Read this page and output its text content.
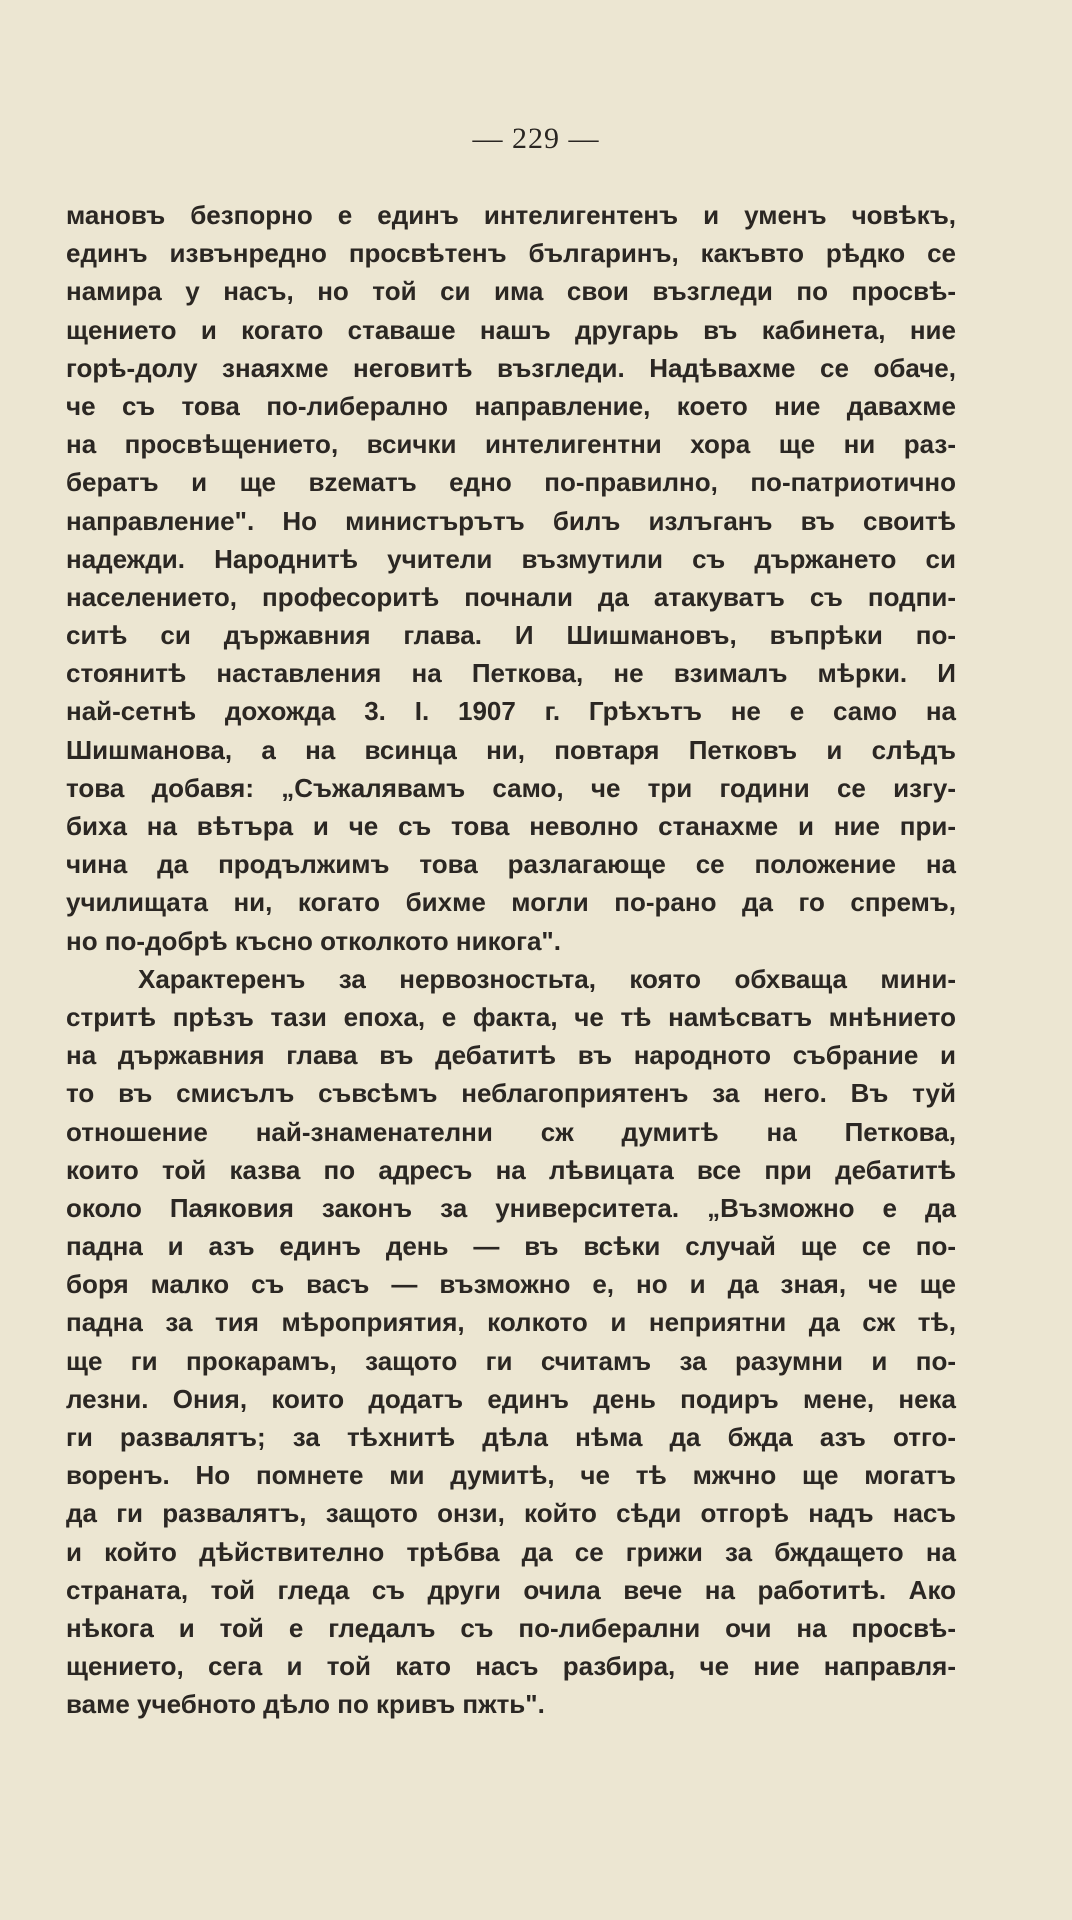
— 229 —
мановъ безпорно е единъ интелигентенъ и уменъ човѣкъ,
единъ извънредно просвѣтенъ българинъ, какъвто рѣдко се
намира у насъ, но той си има свои възгледи по просвѣ-
щението и когато ставаше нашъ другарь въ кабинета, ние
горѣ-долу знаяхме неговитѣ възгледи. Надѣвахме се обаче,
че съ това по-либерално направление, което ние давахме
на просвѣщението, всички интелигентни хора ще ни раз-
бератъ и ще вzематъ едно по-правилно, по-патриотично
направление". Но министърътъ билъ излъганъ въ своитѣ
надежди. Народнитѣ учители възмутили съ държането си
населението, професоритѣ почнали да атакуватъ съ подпи-
ситѣ си държавния глава. И Шишмановъ, въпрѣки по-
стоянитѣ наставления на Петкова, не взималъ мѣрки. И
най-сетнѣ дохожда 3. I. 1907 г. Грѣхътъ не е само на
Шишманова, а на всинца ни, повтаря Петковъ и слѣдъ
това добавя: „Съжалявамъ само, че три години се изгу-
биха на вѣтъра и че съ това неволно станахме и ние при-
чина да продължимъ това разлагающе се положение на
училищата ни, когато бихме могли по-рано да го спремъ,
но по-добрѣ късно отколкото никога".
Характеренъ за нервозностьта, която обхваща мини-
стритѣ прѣзъ тази епоха, е факта, че тѣ намѣсватъ мнѣнието
на държавния глава въ дебатитѣ въ народното събрание и
то въ смисълъ съвсѣмъ неблагоприятенъ за него. Въ туй
отношение най-знаменателни сж думитѣ на Петкова,
които той казва по адресъ на лѣвицата все при дебатитѣ
около Паяковия законъ за университета. „Възможно е да
падна и азъ единъ день — въ всѣки случай ще се по-
боря малко съ васъ — възможно е, но и да зная, че ще
падна за тия мѣроприятия, колкото и неприятни да сж тѣ,
ще ги прокарамъ, защото ги считамъ за разумни и по-
лезни. Ония, които додатъ единъ день подиръ мене, нека
ги развалятъ; за тѣхнитѣ дѣла нѣма да бжда азъ отго-
воренъ. Но помнете ми думитѣ, че тѣ мжчно ще могатъ
да ги развалятъ, защото онзи, който сѣди отгорѣ надъ насъ
и който дѣйствително трѣбва да се грижи за бждащето на
страната, той гледа съ други очила вече на работитѣ. Ако
нѣкога и той е гледалъ съ по-либерални очи на просвѣ-
щението, сега и той като насъ разбира, че ние направля-
ваме учебното дѣло по кривъ пжть".
